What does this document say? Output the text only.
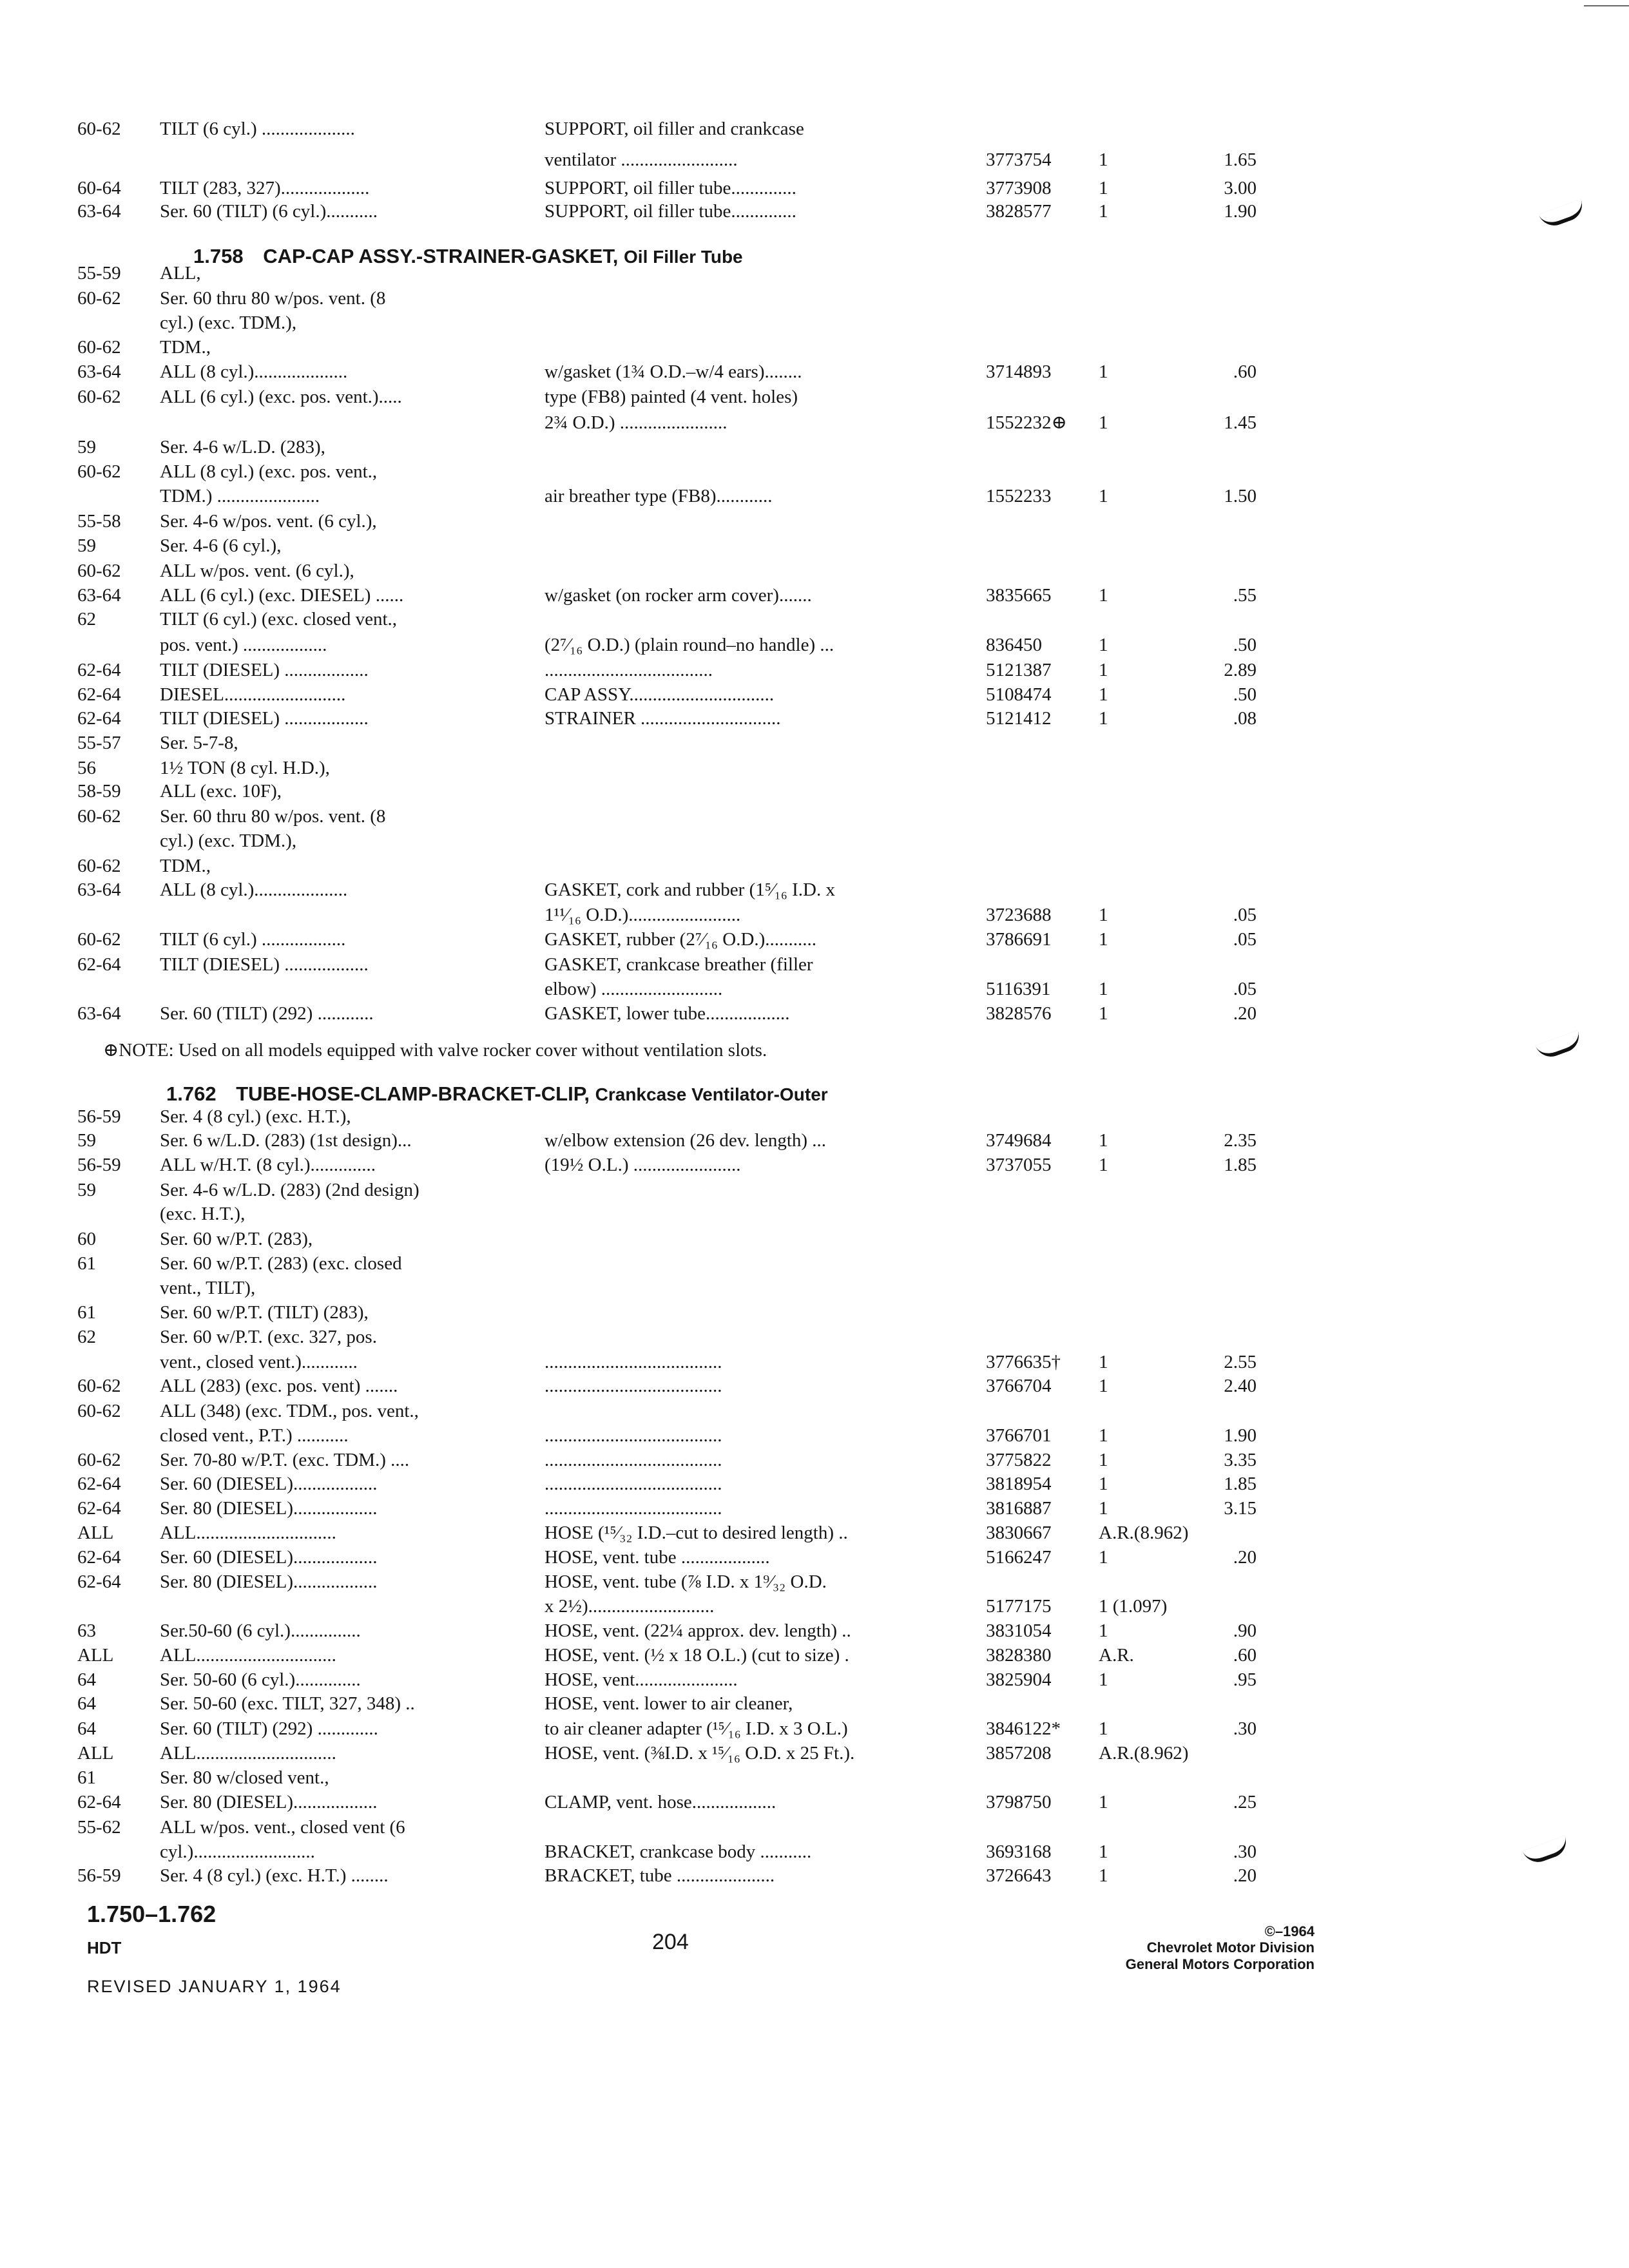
60-62	TILT (6 cyl.) ....................	SUPPORT, oil filler and crankcase
ventilator .........................	3773754	1	1.65
60-64	TILT (283, 327)...................	SUPPORT, oil filler tube..............	3773908	1	3.00
63-64	Ser. 60 (TILT) (6 cyl.)...........	SUPPORT, oil filler tube..............	3828577	1	1.90
1.758 CAP-CAP ASSY.-STRAINER-GASKET, Oil Filler Tube
55-59	ALL,
60-62	Ser. 60 thru 80 w/pos. vent. (8
cyl.) (exc. TDM.),
60-62	TDM.,
63-64	ALL (8 cyl.)....................	w/gasket (1¾ O.D.–w/4 ears)........	3714893	1	.60
60-62	ALL (6 cyl.) (exc. pos. vent.).....	type (FB8) painted (4 vent. holes)
2¾ O.D.) .......................	1552232⊕	1	1.45
59	Ser. 4-6 w/L.D. (283),
60-62	ALL (8 cyl.) (exc. pos. vent.,
TDM.) ......................	air breather type (FB8)............	1552233	1	1.50
55-58	Ser. 4-6 w/pos. vent. (6 cyl.),
59	Ser. 4-6 (6 cyl.),
60-62	ALL w/pos. vent. (6 cyl.),
63-64	ALL (6 cyl.) (exc. DIESEL) ......	w/gasket (on rocker arm cover).......	3835665	1	.55
62	TILT (6 cyl.) (exc. closed vent.,
pos. vent.) ..................	(2⁷⁄₁₆ O.D.) (plain round–no handle) ...	836450	1	.50
62-64	TILT (DIESEL) ..................	....................................	5121387	1	2.89
62-64	DIESEL..........................	CAP ASSY...............................	5108474	1	.50
62-64	TILT (DIESEL) ..................	STRAINER ..............................	5121412	1	.08
55-57	Ser. 5-7-8,
56	1½ TON (8 cyl. H.D.),
58-59	ALL (exc. 10F),
60-62	Ser. 60 thru 80 w/pos. vent. (8
cyl.) (exc. TDM.),
60-62	TDM.,
63-64	ALL (8 cyl.)....................	GASKET, cork and rubber (1⁵⁄₁₆ I.D. x
1¹¹⁄₁₆ O.D.)........................	3723688	1	.05
60-62	TILT (6 cyl.) ..................	GASKET, rubber (2⁷⁄₁₆ O.D.)...........	3786691	1	.05
62-64	TILT (DIESEL) ..................	GASKET, crankcase breather (filler
elbow) ..........................	5116391	1	.05
63-64	Ser. 60 (TILT) (292) ............	GASKET, lower tube..................	3828576	1	.20
⊕NOTE: Used on all models equipped with valve rocker cover without ventilation slots.
1.762 TUBE-HOSE-CLAMP-BRACKET-CLIP, Crankcase Ventilator-Outer
56-59	Ser. 4 (8 cyl.) (exc. H.T.),
59	Ser. 6 w/L.D. (283) (1st design)...	w/elbow extension (26 dev. length) ...	3749684	1	2.35
56-59	ALL w/H.T. (8 cyl.)..............	(19½ O.L.) .......................	3737055	1	1.85
59	Ser. 4-6 w/L.D. (283) (2nd design)
(exc. H.T.),
60	Ser. 60 w/P.T. (283),
61	Ser. 60 w/P.T. (283) (exc. closed
vent., TILT),
61	Ser. 60 w/P.T. (TILT) (283),
62	Ser. 60 w/P.T. (exc. 327, pos.
vent., closed vent.)............	......................................	3776635†	1	2.55
60-62	ALL (283) (exc. pos. vent) .......	......................................	3766704	1	2.40
60-62	ALL (348) (exc. TDM., pos. vent.,
closed vent., P.T.) ...........	......................................	3766701	1	1.90
60-62	Ser. 70-80 w/P.T. (exc. TDM.) ....	......................................	3775822	1	3.35
62-64	Ser. 60 (DIESEL)..................	......................................	3818954	1	1.85
62-64	Ser. 80 (DIESEL)..................	......................................	3816887	1	3.15
ALL	ALL..............................	HOSE (¹⁵⁄₃₂ I.D.–cut to desired length) ..	3830667	A.R.(8.962)
62-64	Ser. 60 (DIESEL)..................	HOSE, vent. tube ...................	5166247	1	.20
62-64	Ser. 80 (DIESEL)..................	HOSE, vent. tube (⅞ I.D. x 1⁹⁄₃₂ O.D.
x 2½)...........................	5177175	1 (1.097)
63	Ser.50-60 (6 cyl.)...............	HOSE, vent. (22¼ approx. dev. length) ..	3831054	1	.90
ALL	ALL..............................	HOSE, vent. (½ x 18 O.L.) (cut to size) .	3828380	A.R.	.60
64	Ser. 50-60 (6 cyl.)..............	HOSE, vent......................	3825904	1	.95
64	Ser. 50-60 (exc. TILT, 327, 348) ..	HOSE, vent. lower to air cleaner,
64	Ser. 60 (TILT) (292) .............	to air cleaner adapter (¹⁵⁄₁₆ I.D. x 3 O.L.)	3846122*	1	.30
ALL	ALL..............................	HOSE, vent. (⅜I.D. x ¹⁵⁄₁₆ O.D. x 25 Ft.).	3857208	A.R.(8.962)
61	Ser. 80 w/closed vent.,
62-64	Ser. 80 (DIESEL)..................	CLAMP, vent. hose..................	3798750	1	.25
55-62	ALL w/pos. vent., closed vent (6
cyl.)..........................	BRACKET, crankcase body ...........	3693168	1	.30
56-59	Ser. 4 (8 cyl.) (exc. H.T.) ........	BRACKET, tube .....................	3726643	1	.20
1.750–1.762
HDT
REVISED JANUARY 1, 1964
204	©–1964
Chevrolet Motor Division
General Motors Corporation
